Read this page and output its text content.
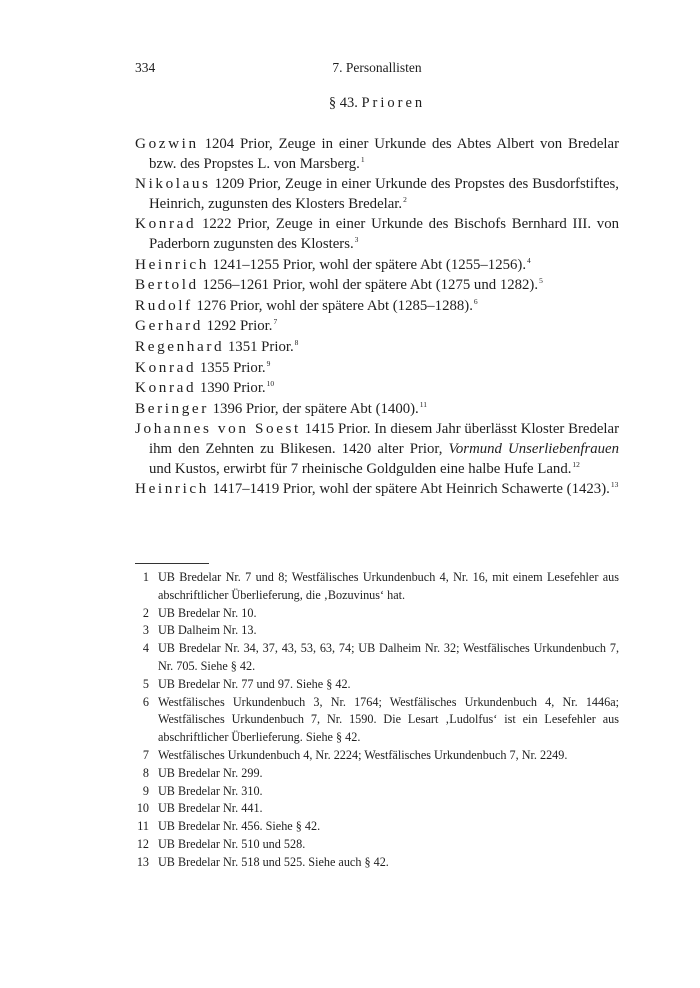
334	7. Personallisten
§ 43. Prioren

Gozwin 1204 Prior, Zeuge in einer Urkunde des Abtes Albert von Bredelar bzw. des Propstes L. von Marsberg.$^1$

Nikolaus 1209 Prior, Zeuge in einer Urkunde des Propstes des Busdorfstiftes, Heinrich, zugunsten des Klosters Bredelar.$^2$

Konrad 1222 Prior, Zeuge in einer Urkunde des Bischofs Bernhard III. von Paderborn zugunsten des Klosters.$^3$

Heinrich 1241–1255 Prior, wohl der spätere Abt (1255–1256).$^4$

Bertold 1256–1261 Prior, wohl der spätere Abt (1275 und 1282).$^5$

Rudolf 1276 Prior, wohl der spätere Abt (1285–1288).$^6$

Gerhard 1292 Prior.$^7$

Regenhard 1351 Prior.$^8$

Konrad 1355 Prior.$^9$

Konrad 1390 Prior.$^{10}$

Beringer 1396 Prior, der spätere Abt (1400).$^{11}$

Johannes von Soest 1415 Prior. In diesem Jahr überlässt Kloster Bredelar ihm den Zehnten zu Blikesen. 1420 alter Prior, Vormund Unserliebenfrauen und Kustos, erwirbt für 7 rheinische Goldgulden eine halbe Hufe Land.$^{12}$

Heinrich 1417–1419 Prior, wohl der spätere Abt Heinrich Schawerte (1423).$^{13}$

1 UB Bredelar Nr. 7 und 8; Westfälisches Urkundenbuch 4, Nr. 16, mit einem Lesefehler aus abschriftlicher Überlieferung, die ‚Bozuvinus‘ hat.
2 UB Bredelar Nr. 10.
3 UB Dalheim Nr. 13.
4 UB Bredelar Nr. 34, 37, 43, 53, 63, 74; UB Dalheim Nr. 32; Westfälisches Urkundenbuch 7, Nr. 705. Siehe § 42.
5 UB Bredelar Nr. 77 und 97. Siehe § 42.
6 Westfälisches Urkundenbuch 3, Nr. 1764; Westfälisches Urkundenbuch 4, Nr. 1446a; Westfälisches Urkundenbuch 7, Nr. 1590. Die Lesart ‚Ludolfus‘ ist ein Lesefehler aus abschriftlicher Überlieferung. Siehe § 42.
7 Westfälisches Urkundenbuch 4, Nr. 2224; Westfälisches Urkundenbuch 7, Nr. 2249.
8 UB Bredelar Nr. 299.
9 UB Bredelar Nr. 310.
10 UB Bredelar Nr. 441.
11 UB Bredelar Nr. 456. Siehe § 42.
12 UB Bredelar Nr. 510 und 528.
13 UB Bredelar Nr. 518 und 525. Siehe auch § 42.
